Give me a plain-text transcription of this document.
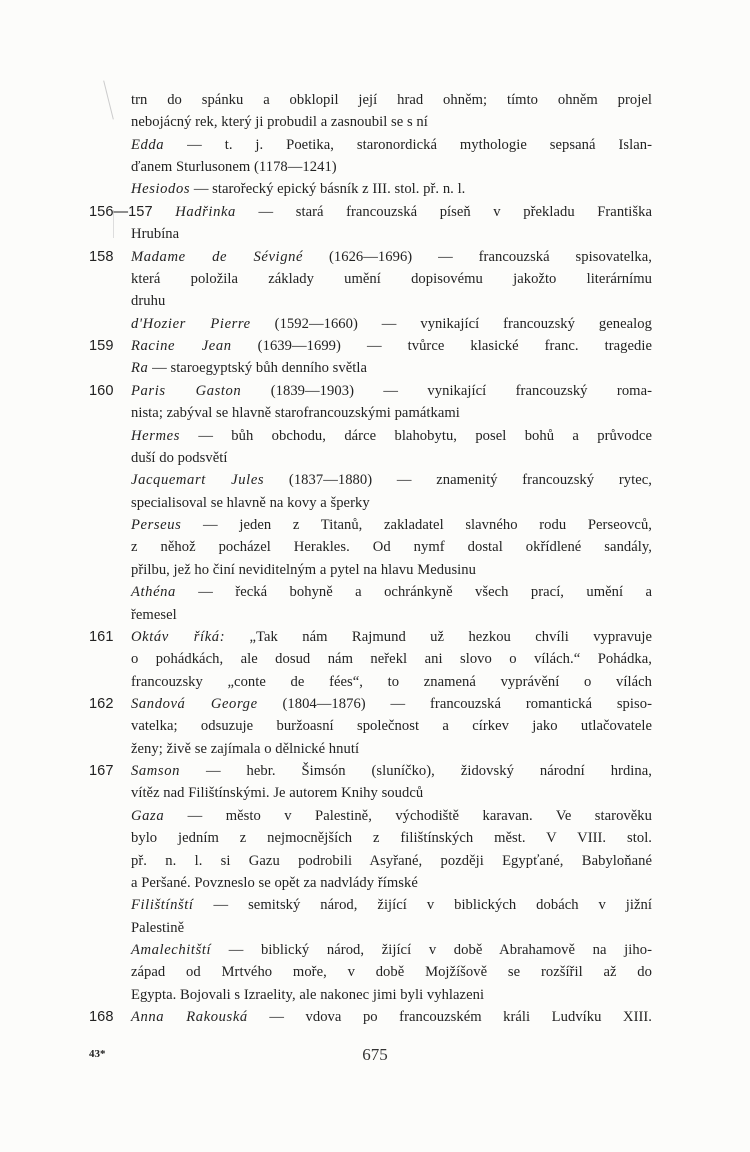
trn do spánku a obklopil její hrad ohněm; tímto ohněm projel
nebojácný rek, který ji probudil a zasnoubil se s ní
Edda — t. j. Poetika, staronordická mythologie sepsaná Islan-
ďanem Sturlusonem (1178—1241)
Hesiodos — starořecký epický básník z III. stol. př. n. l.
156—157 Hadřinka — stará francouzská píseň v překladu Františka
Hrubína
158 Madame de Sévigné (1626—1696) — francouzská spisovatelka,
která položila základy umění dopisovému jakožto literárnímu
druhu
d'Hozier Pierre (1592—1660) — vynikající francouzský genealog
159 Racine Jean (1639—1699) — tvůrce klasické franc. tragedie
Ra — staroegyptský bůh denního světla
160 Paris Gaston (1839—1903) — vynikající francouzský roma-
nista; zabýval se hlavně starofrancouzskými památkami
Hermes — bůh obchodu, dárce blahobytu, posel bohů a průvodce
duší do podsvětí
Jacquemart Jules (1837—1880) — znamenitý francouzský rytec,
specialisoval se hlavně na kovy a šperky
Perseus — jeden z Titanů, zakladatel slavného rodu Perseovců,
z něhož pocházel Herakles. Od nymf dostal okřídlené sandály,
přilbu, jež ho činí neviditelným a pytel na hlavu Medusinu
Athéna — řecká bohyně a ochránkyně všech prací, umění a
řemesel
161 Oktáv říká: „Tak nám Rajmund už hezkou chvíli vypravuje
o pohádkách, ale dosud nám neřekl ani slovo o vílách.“ Pohádka,
francouzsky „conte de fées“, to znamená vyprávění o vílách
162 Sandová George (1804—1876) — francouzská romantická spiso-
vatelka; odsuzuje buržoasní společnost a církev jako utlačovatele
ženy; živě se zajímala o dělnické hnutí
167 Samson — hebr. Šimsón (sluníčko), židovský národní hrdina,
vítěz nad Filištínskými. Je autorem Knihy soudců
Gaza — město v Palestině, východiště karavan. Ve starověku
bylo jedním z nejmocnějších z filištínských měst. V VIII. stol.
př. n. l. si Gazu podrobili Asyřané, později Egypťané, Babyloňané
a Peršané. Povzneslo se opět za nadvlády římské
Filištínští — semitský národ, žijící v biblických dobách v jižní
Palestině
Amalechitští — biblický národ, žijící v době Abrahamově na jiho-
západ od Mrtvého moře, v době Mojžíšově se rozšířil až do
Egypta. Bojovali s Izraelity, ale nakonec jimi byli vyhlazeni
168 Anna Rakouská — vdova po francouzském králi Ludvíku XIII.
43*	675
